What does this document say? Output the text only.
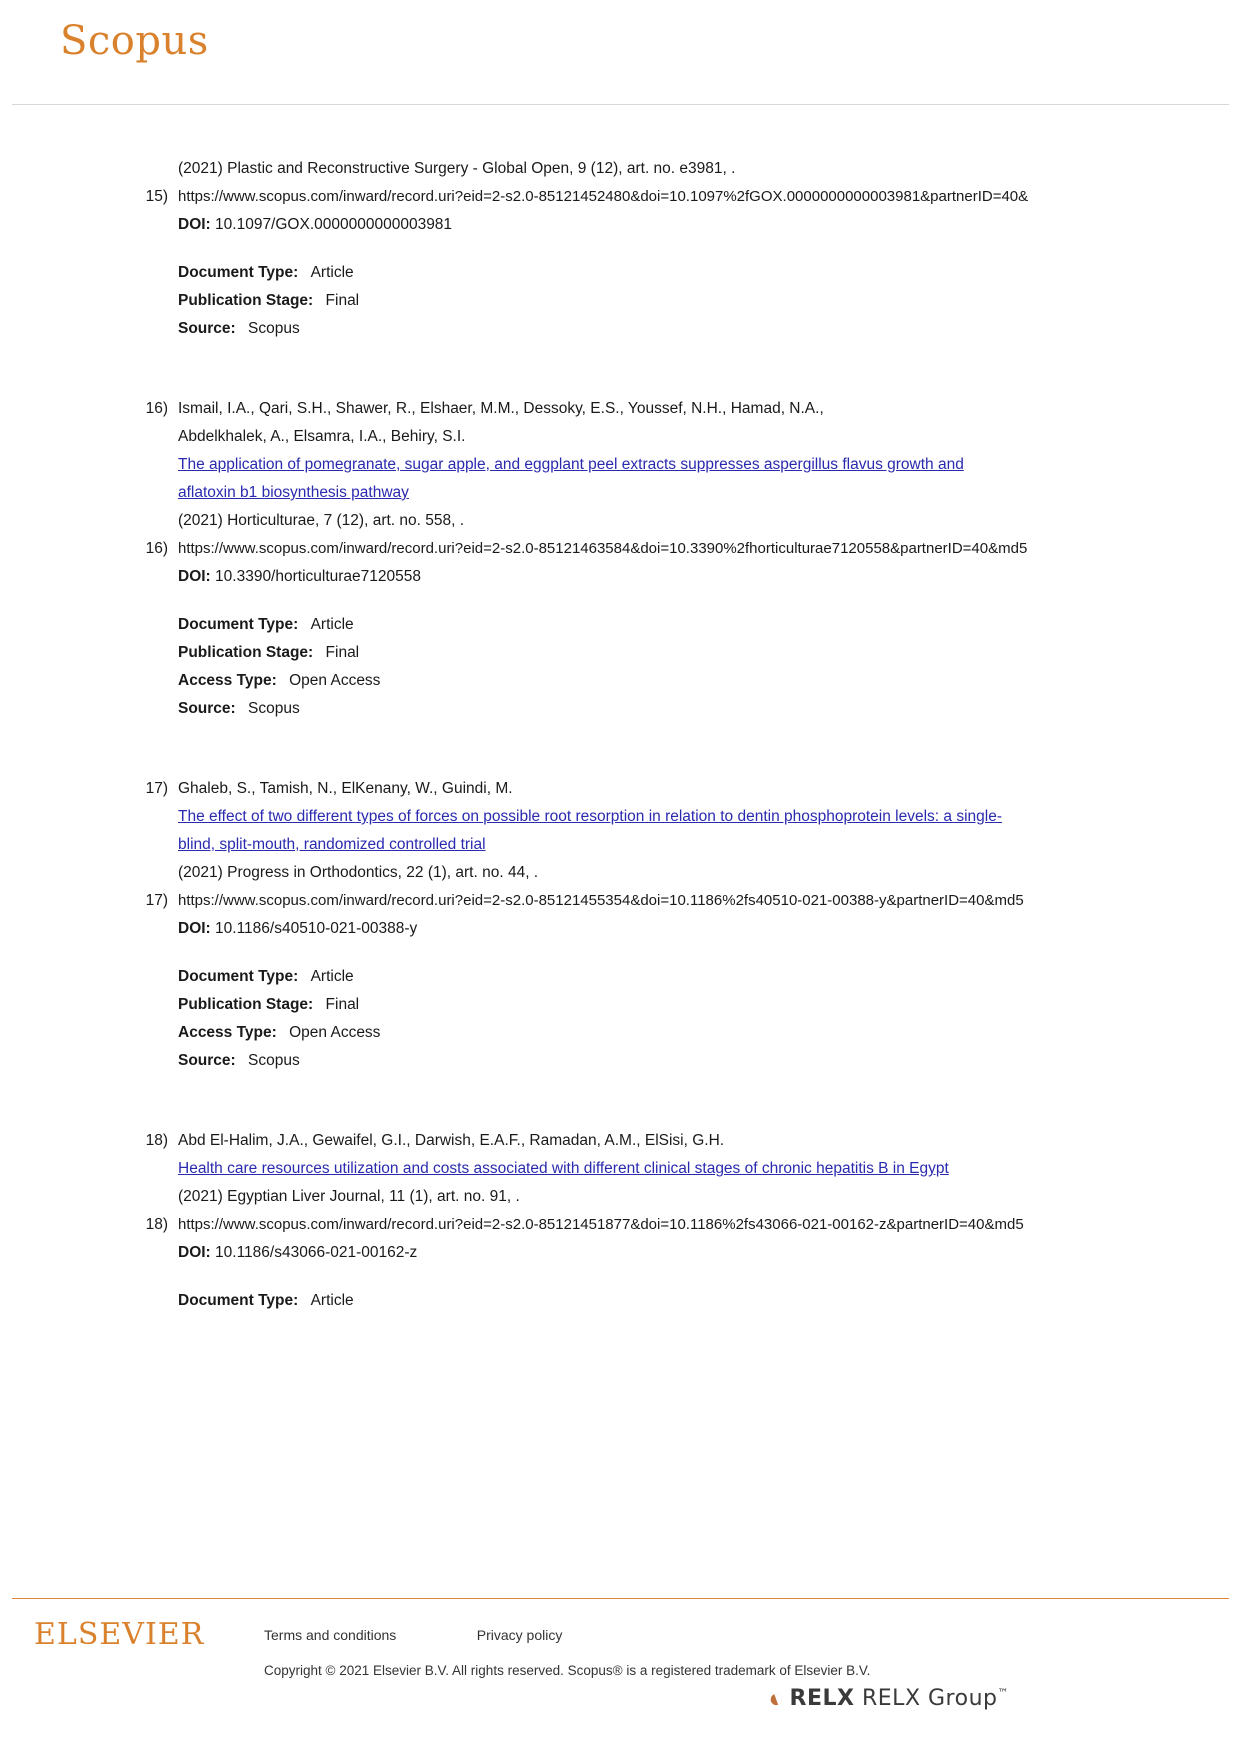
Scopus
(2021) Plastic and Reconstructive Surgery - Global Open, 9 (12), art. no. e3981, .
15) https://www.scopus.com/inward/record.uri?eid=2-s2.0-85121452480&doi=10.1097%2fGOX.0000000000003981&partnerID=40&
DOI: 10.1097/GOX.0000000000003981
Document Type: Article
Publication Stage: Final
Source: Scopus
16) Ismail, I.A., Qari, S.H., Shawer, R., Elshaer, M.M., Dessoky, E.S., Youssef, N.H., Hamad, N.A.,
Abdelkhalek, A., Elsamra, I.A., Behiry, S.I.
The application of pomegranate, sugar apple, and eggplant peel extracts suppresses aspergillus flavus growth and aflatoxin b1 biosynthesis pathway
(2021) Horticulturae, 7 (12), art. no. 558, .
16) https://www.scopus.com/inward/record.uri?eid=2-s2.0-85121463584&doi=10.3390%2fhorticulturae7120558&partnerID=40&md5
DOI: 10.3390/horticulturae7120558
Document Type: Article
Publication Stage: Final
Access Type: Open Access
Source: Scopus
17) Ghaleb, S., Tamish, N., ElKenany, W., Guindi, M.
The effect of two different types of forces on possible root resorption in relation to dentin phosphoprotein levels: a single-blind, split-mouth, randomized controlled trial
(2021) Progress in Orthodontics, 22 (1), art. no. 44, .
17) https://www.scopus.com/inward/record.uri?eid=2-s2.0-85121455354&doi=10.1186%2fs40510-021-00388-y&partnerID=40&md5
DOI: 10.1186/s40510-021-00388-y
Document Type: Article
Publication Stage: Final
Access Type: Open Access
Source: Scopus
18) Abd El-Halim, J.A., Gewaifel, G.I., Darwish, E.A.F., Ramadan, A.M., ElSisi, G.H.
Health care resources utilization and costs associated with different clinical stages of chronic hepatitis B in Egypt
(2021) Egyptian Liver Journal, 11 (1), art. no. 91, .
18) https://www.scopus.com/inward/record.uri?eid=2-s2.0-85121451877&doi=10.1186%2fs43066-021-00162-z&partnerID=40&md5
DOI: 10.1186/s43066-021-00162-z
Document Type: Article
ELSEVIER	Terms and conditions	Privacy policy
Copyright © 2021 Elsevier B.V. All rights reserved. Scopus® is a registered trademark of Elsevier B.V.
◐ RELX RELX Group™
